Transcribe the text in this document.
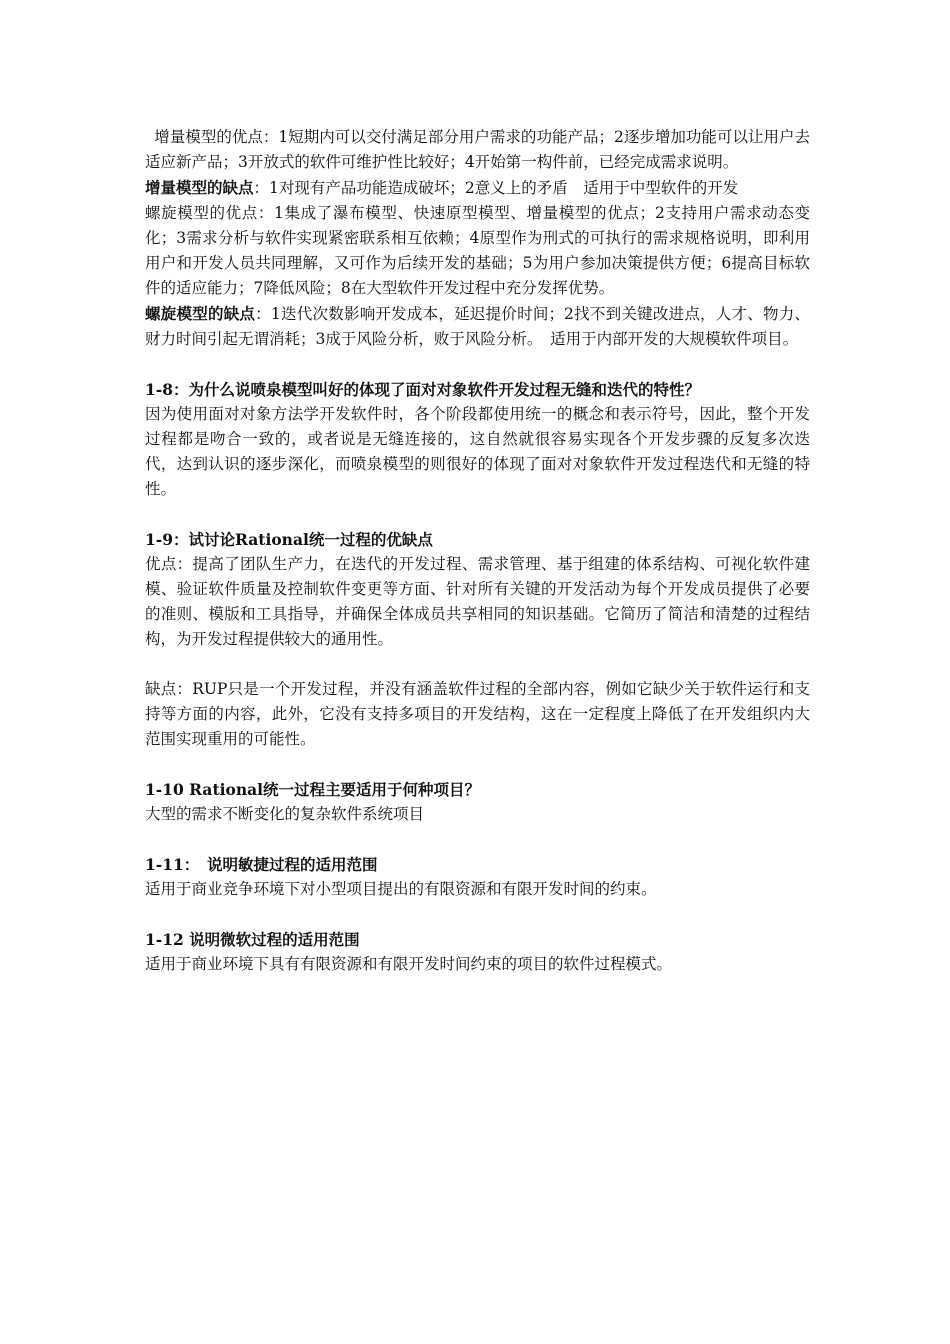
增量模型的优点：1短期内可以交付满足部分用户需求的功能产品；2逐步增加功能可以让用户去适应新产品；3开放式的软件可维护性比较好；4开始第一构件前，已经完成需求说明。

增量模型的缺点：1对现有产品功能造成破坏；2意义上的矛盾　适用于中型软件的开发

螺旋模型的优点：1集成了瀑布模型、快速原型模型、增量模型的优点；2支持用户需求动态变化；3需求分析与软件实现紧密联系相互依赖；4原型作为刑式的可执行的需求规格说明，即利用用户和开发人员共同理解，又可作为后续开发的基础；5为用户参加决策提供方便；6提高目标软件的适应能力；7降低风险；8在大型软件开发过程中充分发挥优势。

螺旋模型的缺点：1迭代次数影响开发成本，延迟提价时间；2找不到关键改进点，人才、物力、财力时间引起无谓消耗；3成于风险分析，败于风险分析。　适用于内部开发的大规模软件项目。

1-8：为什么说喷泉模型叫好的体现了面对对象软件开发过程无缝和迭代的特性？

因为使用面对对象方法学开发软件时，各个阶段都使用统一的概念和表示符号，因此，整个开发过程都是吻合一致的，或者说是无缝连接的，这自然就很容易实现各个开发步骤的反复多次迭代，达到认识的逐步深化，而喷泉模型的则很好的体现了面对对象软件开发过程迭代和无缝的特性。

1-9：试讨论Rational统一过程的优缺点

优点：提高了团队生产力，在迭代的开发过程、需求管理、基于组建的体系结构、可视化软件建模、验证软件质量及控制软件变更等方面、针对所有关键的开发活动为每个开发成员提供了必要的准则、模版和工具指导，并确保全体成员共享相同的知识基础。它简历了简洁和清楚的过程结构，为开发过程提供较大的通用性。

缺点：RUP只是一个开发过程，并没有涵盖软件过程的全部内容，例如它缺少关于软件运行和支持等方面的内容，此外，它没有支持多项目的开发结构，这在一定程度上降低了在开发组织内大范围实现重用的可能性。

1-10 Rational统一过程主要适用于何种项目？

大型的需求不断变化的复杂软件系统项目

1-11：　说明敏捷过程的适用范围

适用于商业竞争环境下对小型项目提出的有限资源和有限开发时间的约束。

1-12 说明微软过程的适用范围

适用于商业环境下具有有限资源和有限开发时间约束的项目的软件过程模式。
